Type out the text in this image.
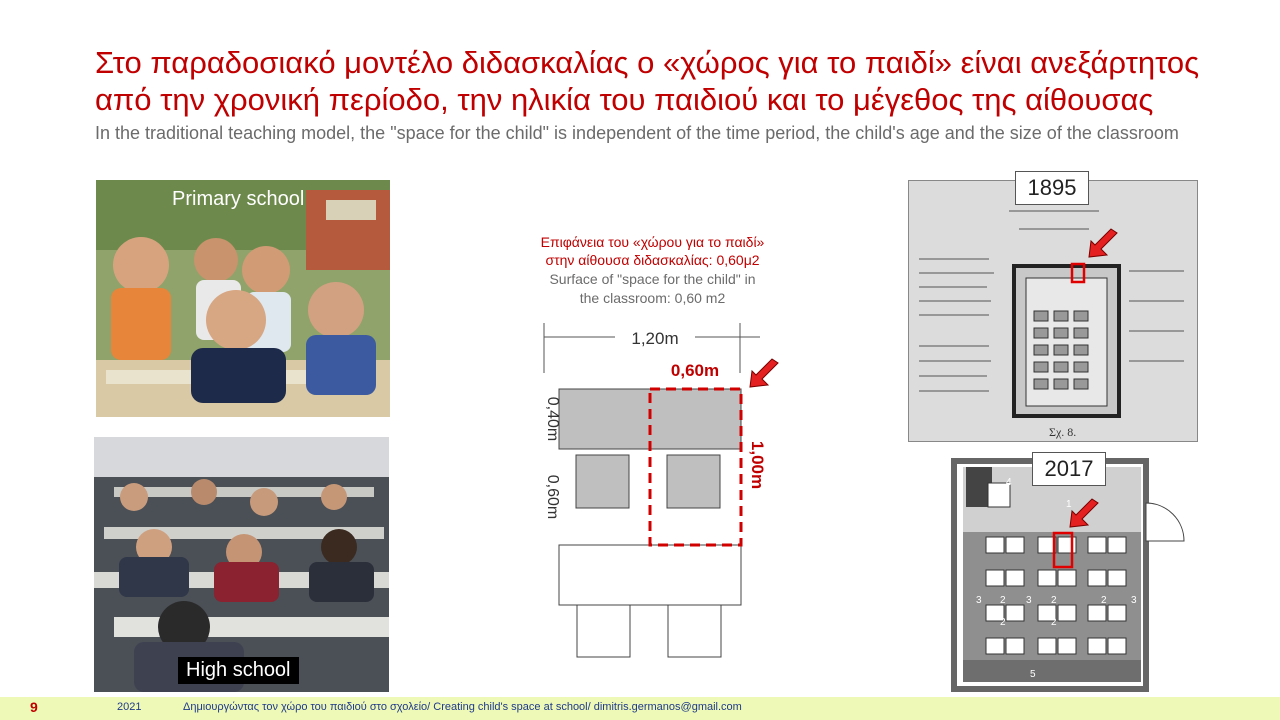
Στο παραδοσιακό μοντέλο διδασκαλίας ο «χώρος για το παιδί» είναι ανεξάρτητος από την χρονική περίοδο, την ηλικία του παιδιού και το μέγεθος της αίθουσας
In the traditional teaching model, the "space for the child" is independent of the time period, the child's age and the size of the classroom
Primary school
High school
Επιφάνεια του «χώρου για το παιδί»
στην αίθουσα διδασκαλίας: 0,60μ2
Surface of "space for the child" in
the classroom: 0,60 m2
1,20m
0,60m
0,40m
0,60m
1,00m
Σχ. 8.
1895
4
1
2 3 2	3
2
2	2
3
5
2017
9	2021	Δημιουργώντας τον χώρο του παιδιού στο σχολείο/ Creating child's space at school/ dimitris.germanos@gmail.com
